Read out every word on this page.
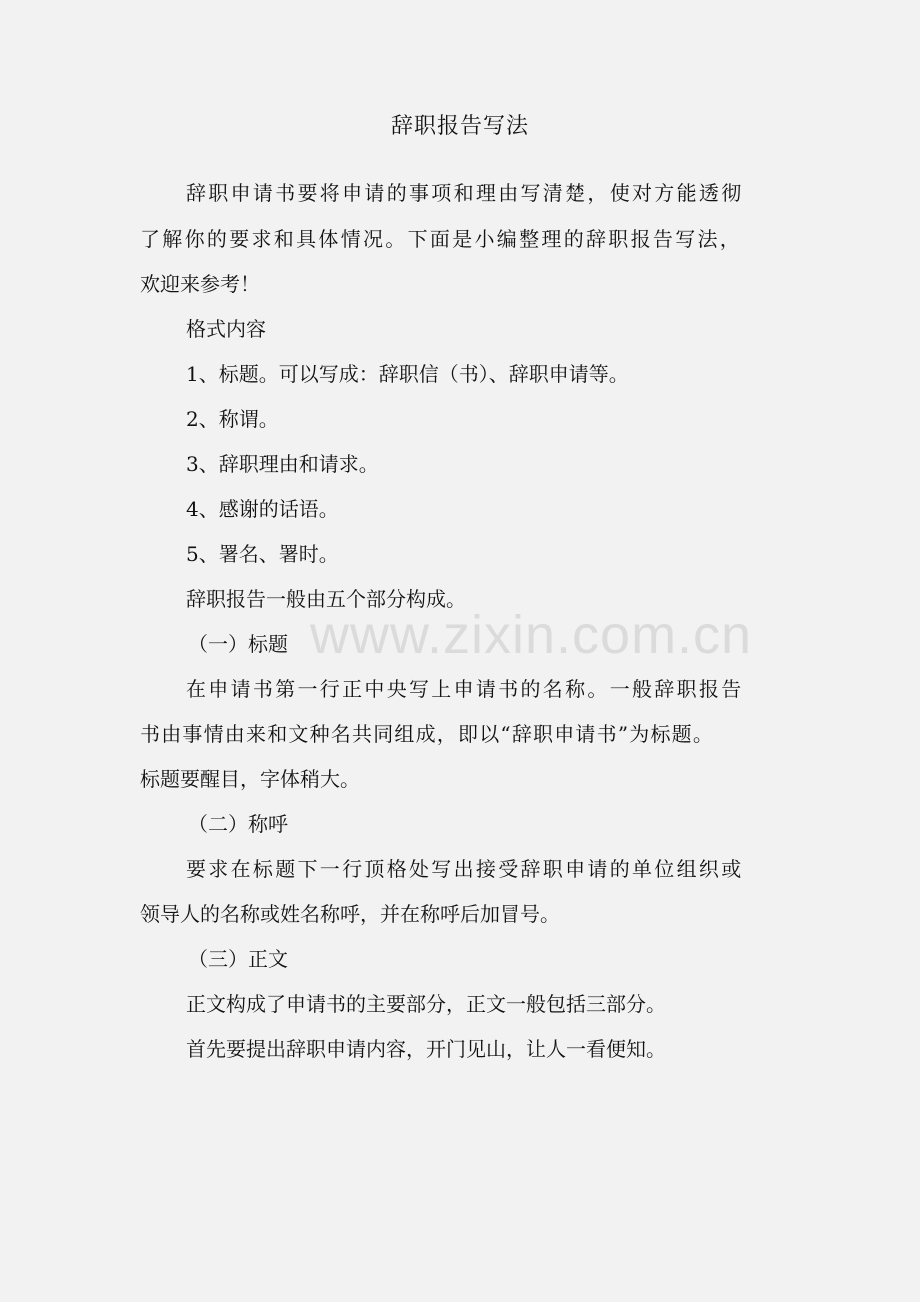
www.zixin.com.cn
辞职报告写法
辞职申请书要将申请的事项和理由写清楚，使对方能透彻
了解你的要求和具体情况。下面是小编整理的辞职报告写法，
欢迎来参考！
格式内容
1、标题。可以写成：辞职信（书）、辞职申请等。
2、称谓。
3、辞职理由和请求。
4、感谢的话语。
5、署名、署时。
辞职报告一般由五个部分构成。
（一）标题
在申请书第一行正中央写上申请书的名称。一般辞职报告
书由事情由来和文种名共同组成，即以“辞职申请书”为标题。
标题要醒目，字体稍大。
（二）称呼
要求在标题下一行顶格处写出接受辞职申请的单位组织或
领导人的名称或姓名称呼，并在称呼后加冒号。
（三）正文
正文构成了申请书的主要部分，正文一般包括三部分。
首先要提出辞职申请内容，开门见山，让人一看便知。
